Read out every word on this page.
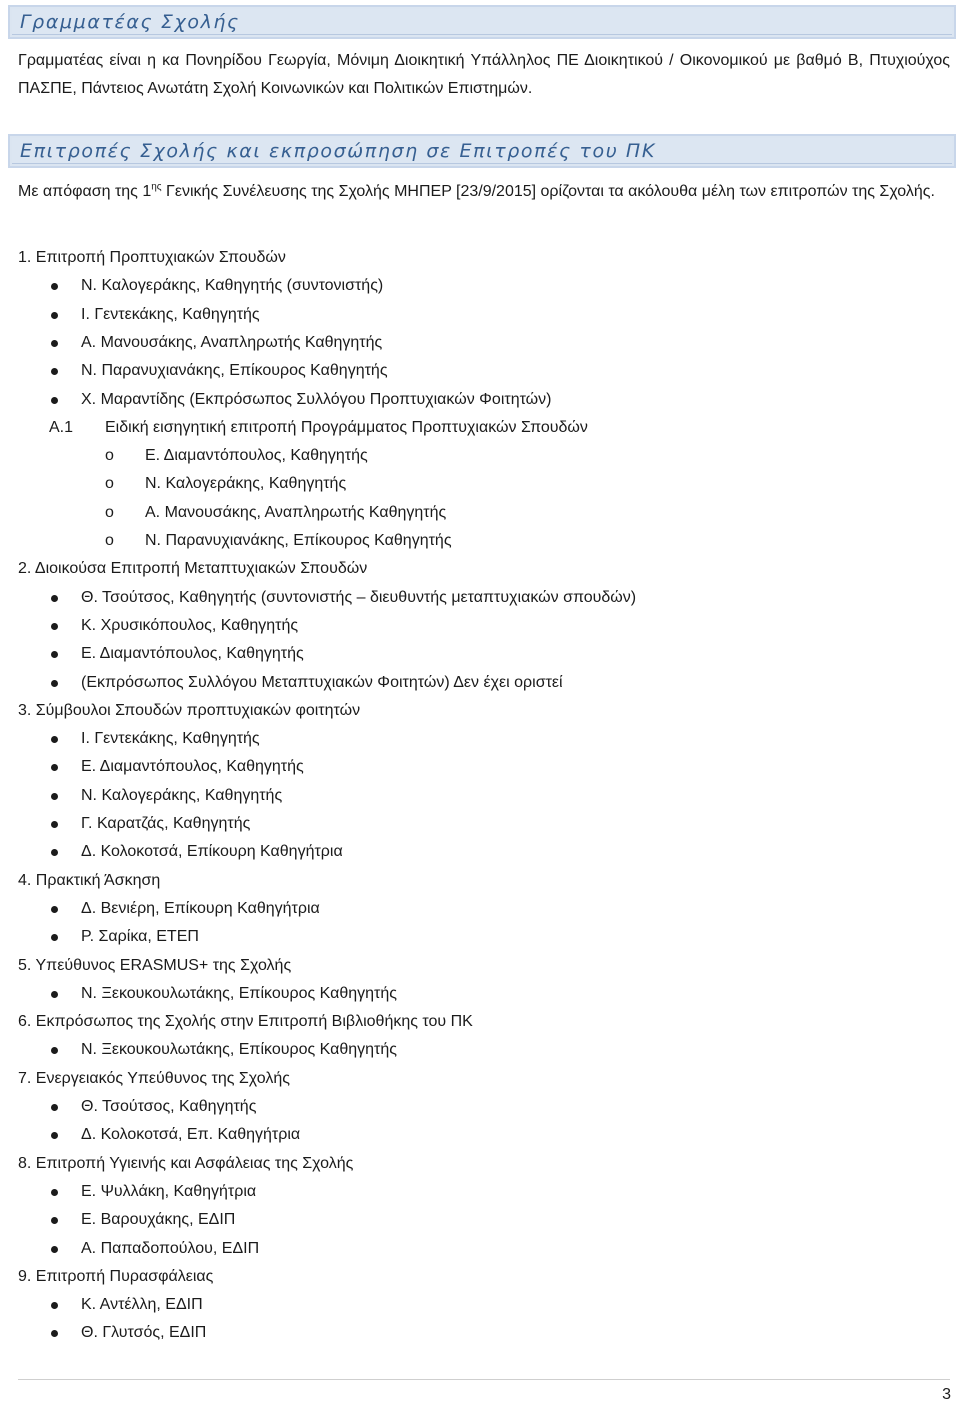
Γραμματέας Σχολής

Γραμματέας είναι η κα Πονηρίδου Γεωργία, Μόνιμη Διοικητική Υπάλληλος ΠΕ Διοικητικού / Οικονομικού με βαθμό Β, Πτυχιούχος ΠΑΣΠΕ, Πάντειος Ανωτάτη Σχολή Κοινωνικών και Πολιτικών Επιστημών.

Επιτροπές Σχολής και εκπροσώπηση σε Επιτροπές του ΠΚ

Με απόφαση της $1^{\eta\varsigma}$ Γενικής Συνέλευσης της Σχολής ΜΗΠΕΡ [23/9/2015] ορίζονται τα ακόλουθα μέλη των επιτροπών της Σχολής.

1. Επιτροπή Προπτυχιακών Σπουδών
Ν. Καλογεράκης, Καθηγητής (συντονιστής)
Ι. Γεντεκάκης, Καθηγητής
Α. Μανουσάκης, Αναπληρωτής Καθηγητής
Ν. Παρανυχιανάκης, Επίκουρος Καθηγητής
Χ. Μαραντίδης (Εκπρόσωπος Συλλόγου Προπτυχιακών Φοιτητών)
Α.1 Ειδική εισηγητική επιτροπή Προγράμματος Προπτυχιακών Σπουδών
o Ε. Διαμαντόπουλος, Καθηγητής
o Ν. Καλογεράκης, Καθηγητής
o Α. Μανουσάκης, Αναπληρωτής Καθηγητής
o Ν. Παρανυχιανάκης, Επίκουρος Καθηγητής
2. Διοικούσα Επιτροπή Μεταπτυχιακών Σπουδών
Θ. Τσούτσος, Καθηγητής (συντονιστής – διευθυντής μεταπτυχιακών σπουδών)
Κ. Χρυσικόπουλος, Καθηγητής
Ε. Διαμαντόπουλος, Καθηγητής
(Εκπρόσωπος Συλλόγου Μεταπτυχιακών Φοιτητών) Δεν έχει οριστεί
3. Σύμβουλοι Σπουδών προπτυχιακών φοιτητών
Ι. Γεντεκάκης, Καθηγητής
Ε. Διαμαντόπουλος, Καθηγητής
Ν. Καλογεράκης, Καθηγητής
Γ. Καρατζάς, Καθηγητής
Δ. Κολοκοτσά, Επίκουρη Καθηγήτρια
4. Πρακτική Άσκηση
Δ. Βενιέρη, Επίκουρη Καθηγήτρια
Ρ. Σαρίκα, ΕΤΕΠ
5. Υπεύθυνος ERASMUS+ της Σχολής
Ν. Ξεκουκουλωτάκης, Επίκουρος Καθηγητής
6. Εκπρόσωπος της Σχολής στην Επιτροπή Βιβλιοθήκης του ΠΚ
Ν. Ξεκουκουλωτάκης, Επίκουρος Καθηγητής
7. Ενεργειακός Υπεύθυνος της Σχολής
Θ. Τσούτσος, Καθηγητής
Δ. Κολοκοτσά, Επ. Καθηγήτρια
8. Επιτροπή Υγιεινής και Ασφάλειας της Σχολής
Ε. Ψυλλάκη, Καθηγήτρια
Ε. Βαρουχάκης, ΕΔΙΠ
Α. Παπαδοπούλου, ΕΔΙΠ
9. Επιτροπή Πυρασφάλειας
Κ. Αντέλλη, ΕΔΙΠ
Θ. Γλυτσός, ΕΔΙΠ
3
